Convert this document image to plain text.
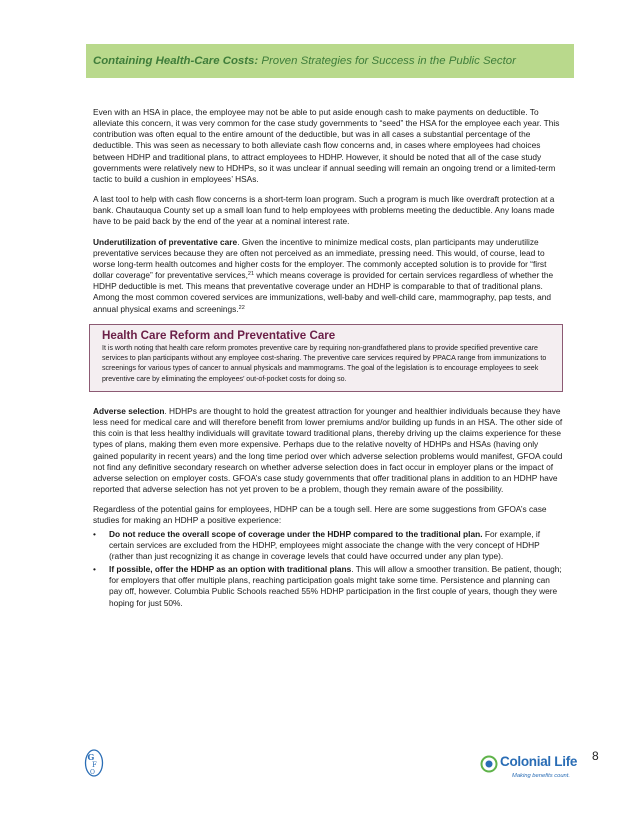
Containing Health-Care Costs: Proven Strategies for Success in the Public Sector

Even with an HSA in place, the employee may not be able to put aside enough cash to make payments on deductible. To alleviate this concern, it was very common for the case study governments to “seed” the HSA for the employee each year. This contribution was often equal to the entire amount of the deductible, but was in all cases a substantial percentage of the deductible. This was seen as necessary to both alleviate cash flow concerns and, in cases where employees had choices between HDHP and traditional plans, to attract employees to HDHP. However, it should be noted that all of the case study governments were relatively new to HDHPs, so it was unclear if annual seeding will remain an ongoing trend or a limited-term tactic to build a cushion in employees’ HSAs.

A last tool to help with cash flow concerns is a short-term loan program. Such a program is much like overdraft protection at a bank. Chautauqua County set up a small loan fund to help employees with problems meeting the deductible. Any loans made have to be paid back by the end of the year at a nominal interest rate.

Underutilization of preventative care. Given the incentive to minimize medical costs, plan participants may underutilize preventative services because they are often not perceived as an immediate, pressing need. This would, of course, lead to worse long-term health outcomes and higher costs for the employer. The commonly accepted solution is to provide for “first dollar coverage” for preventative services,$^{21}$ which means coverage is provided for certain services regardless of whether the HDHP deductible is met. This means that preventative coverage under an HDHP is comparable to that of traditional plans. Among the most common covered services are immunizations, well-baby and well-child care, mammography, pap tests, and annual physical exams and screenings.$^{22}$

Health Care Reform and Preventative Care
It is worth noting that health care reform promotes preventive care by requiring non-grandfathered plans to provide specified preventive care services to plan participants without any employee cost-sharing. The preventive care services required by PPACA range from immunizations to screenings for various types of cancer to annual physicals and mammograms. The goal of the legislation is to encourage employees to seek preventive care by eliminating the employees’ out-of-pocket costs for doing so.

Adverse selection. HDHPs are thought to hold the greatest attraction for younger and healthier individuals because they have less need for medical care and will therefore benefit from lower premiums and/or building up funds in an HSA. The other side of this coin is that less healthy individuals will gravitate toward traditional plans, thereby driving up the claims experience for these types of plans, making them even more expensive. Perhaps due to the relative novelty of HDHPs and HSAs (having only gained popularity in recent years) and the long time period over which adverse selection problems would manifest, GFOA could not find any definitive secondary research on whether adverse selection does in fact occur in employer plans or the impact of adverse selection on employer costs. GFOA’s case study governments that offer traditional plans in addition to an HDHP have reported that adverse selection has not yet proven to be a problem, though they remain aware of the possibility.

Regardless of the potential gains for employees, HDHP can be a tough sell. Here are some suggestions from GFOA’s case studies for making an HDHP a positive experience:

• Do not reduce the overall scope of coverage under the HDHP compared to the traditional plan. For example, if certain services are excluded from the HDHP, employees might associate the change with the very concept of HDHP (rather than just recognizing it as change in coverage levels that could have occurred under any plan type).
• If possible, offer the HDHP as an option with traditional plans. This will allow a smoother transition. Be patient, though; for employers that offer multiple plans, reaching participation goals might take some time. Persistence and planning can pay off, however. Columbia Public Schools reached 55% HDHP participation in the first couple of years, though they were hoping for just 50%.
G
F
O
Colonial Life
Making benefits count.
8
